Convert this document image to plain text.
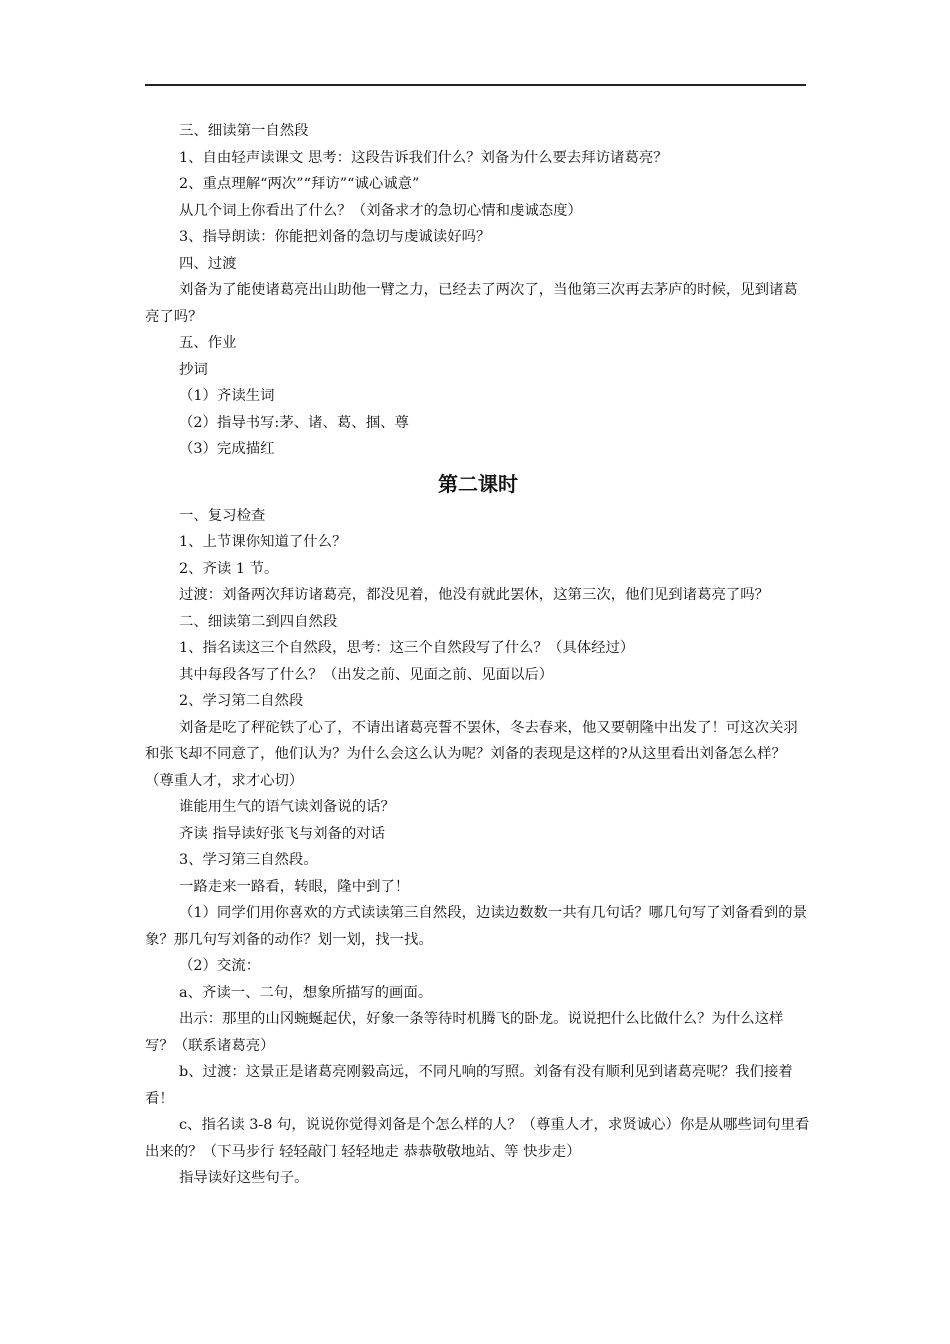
三、细读第一自然段

1、自由轻声读课文 思考：这段告诉我们什么？刘备为什么要去拜访诸葛亮？

2、重点理解“两次”“拜访”“诚心诚意”

从几个词上你看出了什么？（刘备求才的急切心情和虔诚态度）

3、指导朗读：你能把刘备的急切与虔诚读好吗？

四、过渡

刘备为了能使诸葛亮出山助他一臂之力，已经去了两次了，当他第三次再去茅庐的时候，见到诸葛亮了吗？

五、作业

抄词

（1）齐读生词

（2）指导书写:茅、诸、葛、掴、尊

（3）完成描红

第二课时

一、复习检查

1、上节课你知道了什么？

2、齐读 1 节。

过渡：刘备两次拜访诸葛亮，都没见着，他没有就此罢休，这第三次，他们见到诸葛亮了吗？

二、细读第二到四自然段

1、指名读这三个自然段，思考：这三个自然段写了什么？（具体经过）

其中每段各写了什么？（出发之前、见面之前、见面以后）

2、学习第二自然段

刘备是吃了秤砣铁了心了，不请出诸葛亮誓不罢休，冬去春来，他又要朝隆中出发了！可这次关羽和张飞却不同意了，他们认为？为什么会这么认为呢？刘备的表现是这样的?从这里看出刘备怎么样？（尊重人才，求才心切）

谁能用生气的语气读刘备说的话？

齐读 指导读好张飞与刘备的对话

3、学习第三自然段。

一路走来一路看，转眼，隆中到了！

（1）同学们用你喜欢的方式读读第三自然段，边读边数数一共有几句话？哪几句写了刘备看到的景象？那几句写刘备的动作？划一划，找一找。

（2）交流：

a、齐读一、二句，想象所描写的画面。

出示：那里的山冈蜿蜒起伏，好象一条等待时机腾飞的卧龙。说说把什么比做什么？为什么这样写？（联系诸葛亮）

b、过渡：这景正是诸葛亮刚毅高远，不同凡响的写照。刘备有没有顺利见到诸葛亮呢？我们接着看！

c、指名读 3-8 句，说说你觉得刘备是个怎么样的人？（尊重人才，求贤诚心）你是从哪些词句里看出来的？（下马步行 轻轻敲门 轻轻地走 恭恭敬敬地站、等 快步走）

指导读好这些句子。
